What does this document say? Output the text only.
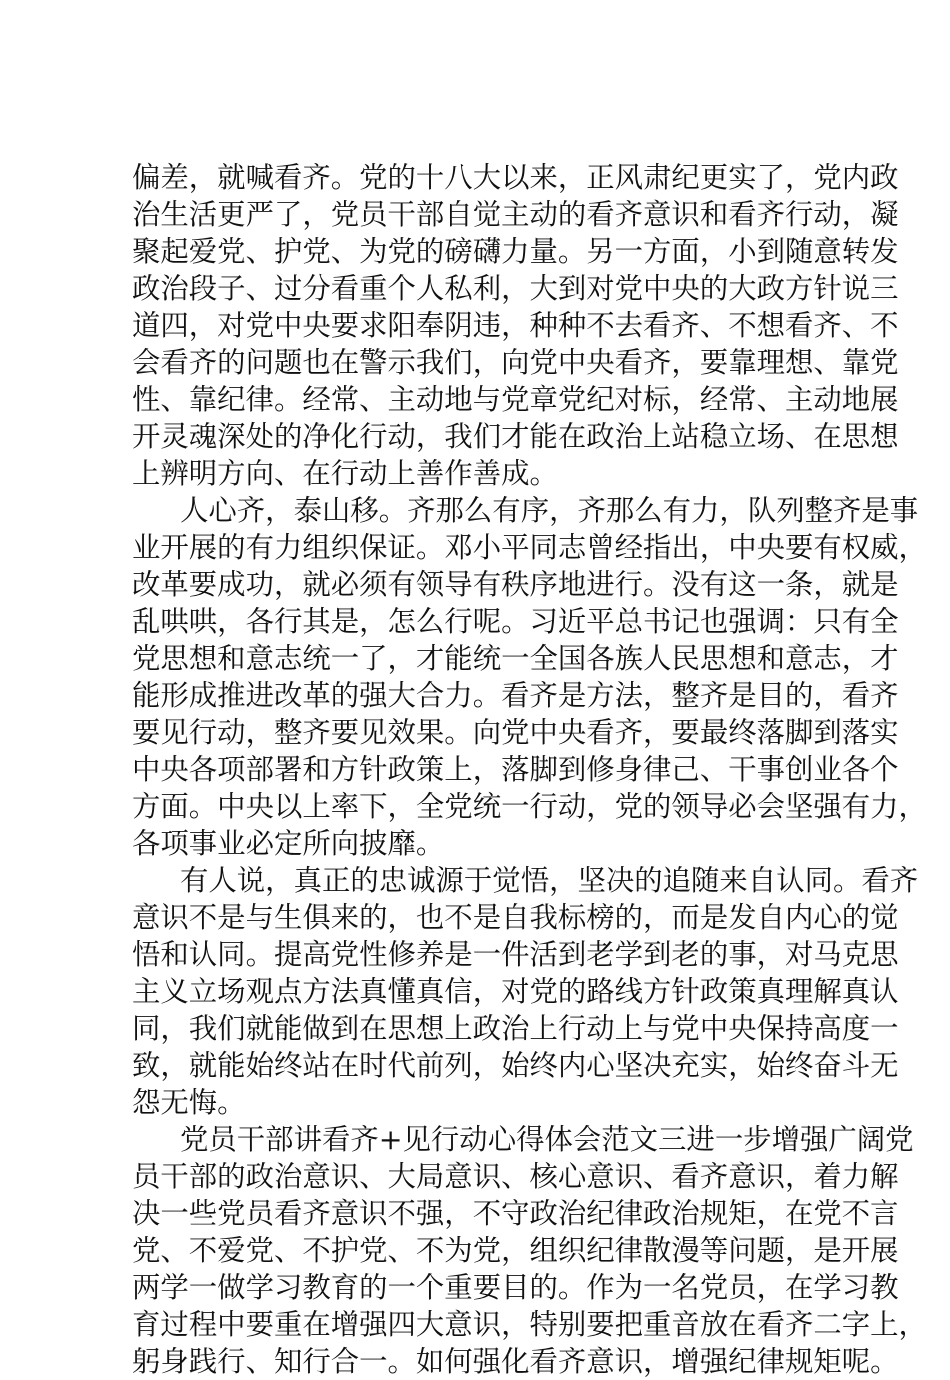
偏差，就喊看齐。党的十八大以来，正风肃纪更实了，党内政
治生活更严了，党员干部自觉主动的看齐意识和看齐行动，凝
聚起爱党、护党、为党的磅礴力量。另一方面，小到随意转发
政治段子、过分看重个人私利，大到对党中央的大政方针说三
道四，对党中央要求阳奉阴违，种种不去看齐、不想看齐、不
会看齐的问题也在警示我们，向党中央看齐，要靠理想、靠党
性、靠纪律。经常、主动地与党章党纪对标，经常、主动地展
开灵魂深处的净化行动，我们才能在政治上站稳立场、在思想
上辨明方向、在行动上善作善成。
人心齐，泰山移。齐那么有序，齐那么有力，队列整齐是事
业开展的有力组织保证。邓小平同志曾经指出，中央要有权威，
改革要成功，就必须有领导有秩序地进行。没有这一条，就是
乱哄哄，各行其是，怎么行呢。习近平总书记也强调：只有全
党思想和意志统一了，才能统一全国各族人民思想和意志，才
能形成推进改革的强大合力。看齐是方法，整齐是目的，看齐
要见行动，整齐要见效果。向党中央看齐，要最终落脚到落实
中央各项部署和方针政策上，落脚到修身律己、干事创业各个
方面。中央以上率下，全党统一行动，党的领导必会坚强有力，
各项事业必定所向披靡。
有人说，真正的忠诚源于觉悟，坚决的追随来自认同。看齐
意识不是与生俱来的，也不是自我标榜的，而是发自内心的觉
悟和认同。提高党性修养是一件活到老学到老的事，对马克思
主义立场观点方法真懂真信，对党的路线方针政策真理解真认
同，我们就能做到在思想上政治上行动上与党中央保持高度一
致，就能始终站在时代前列，始终内心坚决充实，始终奋斗无
怨无悔。
党员干部讲看齐+见行动心得体会范文三进一步增强广阔党
员干部的政治意识、大局意识、核心意识、看齐意识，着力解
决一些党员看齐意识不强，不守政治纪律政治规矩，在党不言
党、不爱党、不护党、不为党，组织纪律散漫等问题，是开展
两学一做学习教育的一个重要目的。作为一名党员，在学习教
育过程中要重在增强四大意识，特别要把重音放在看齐二字上，
躬身践行、知行合一。如何强化看齐意识，增强纪律规矩呢。
